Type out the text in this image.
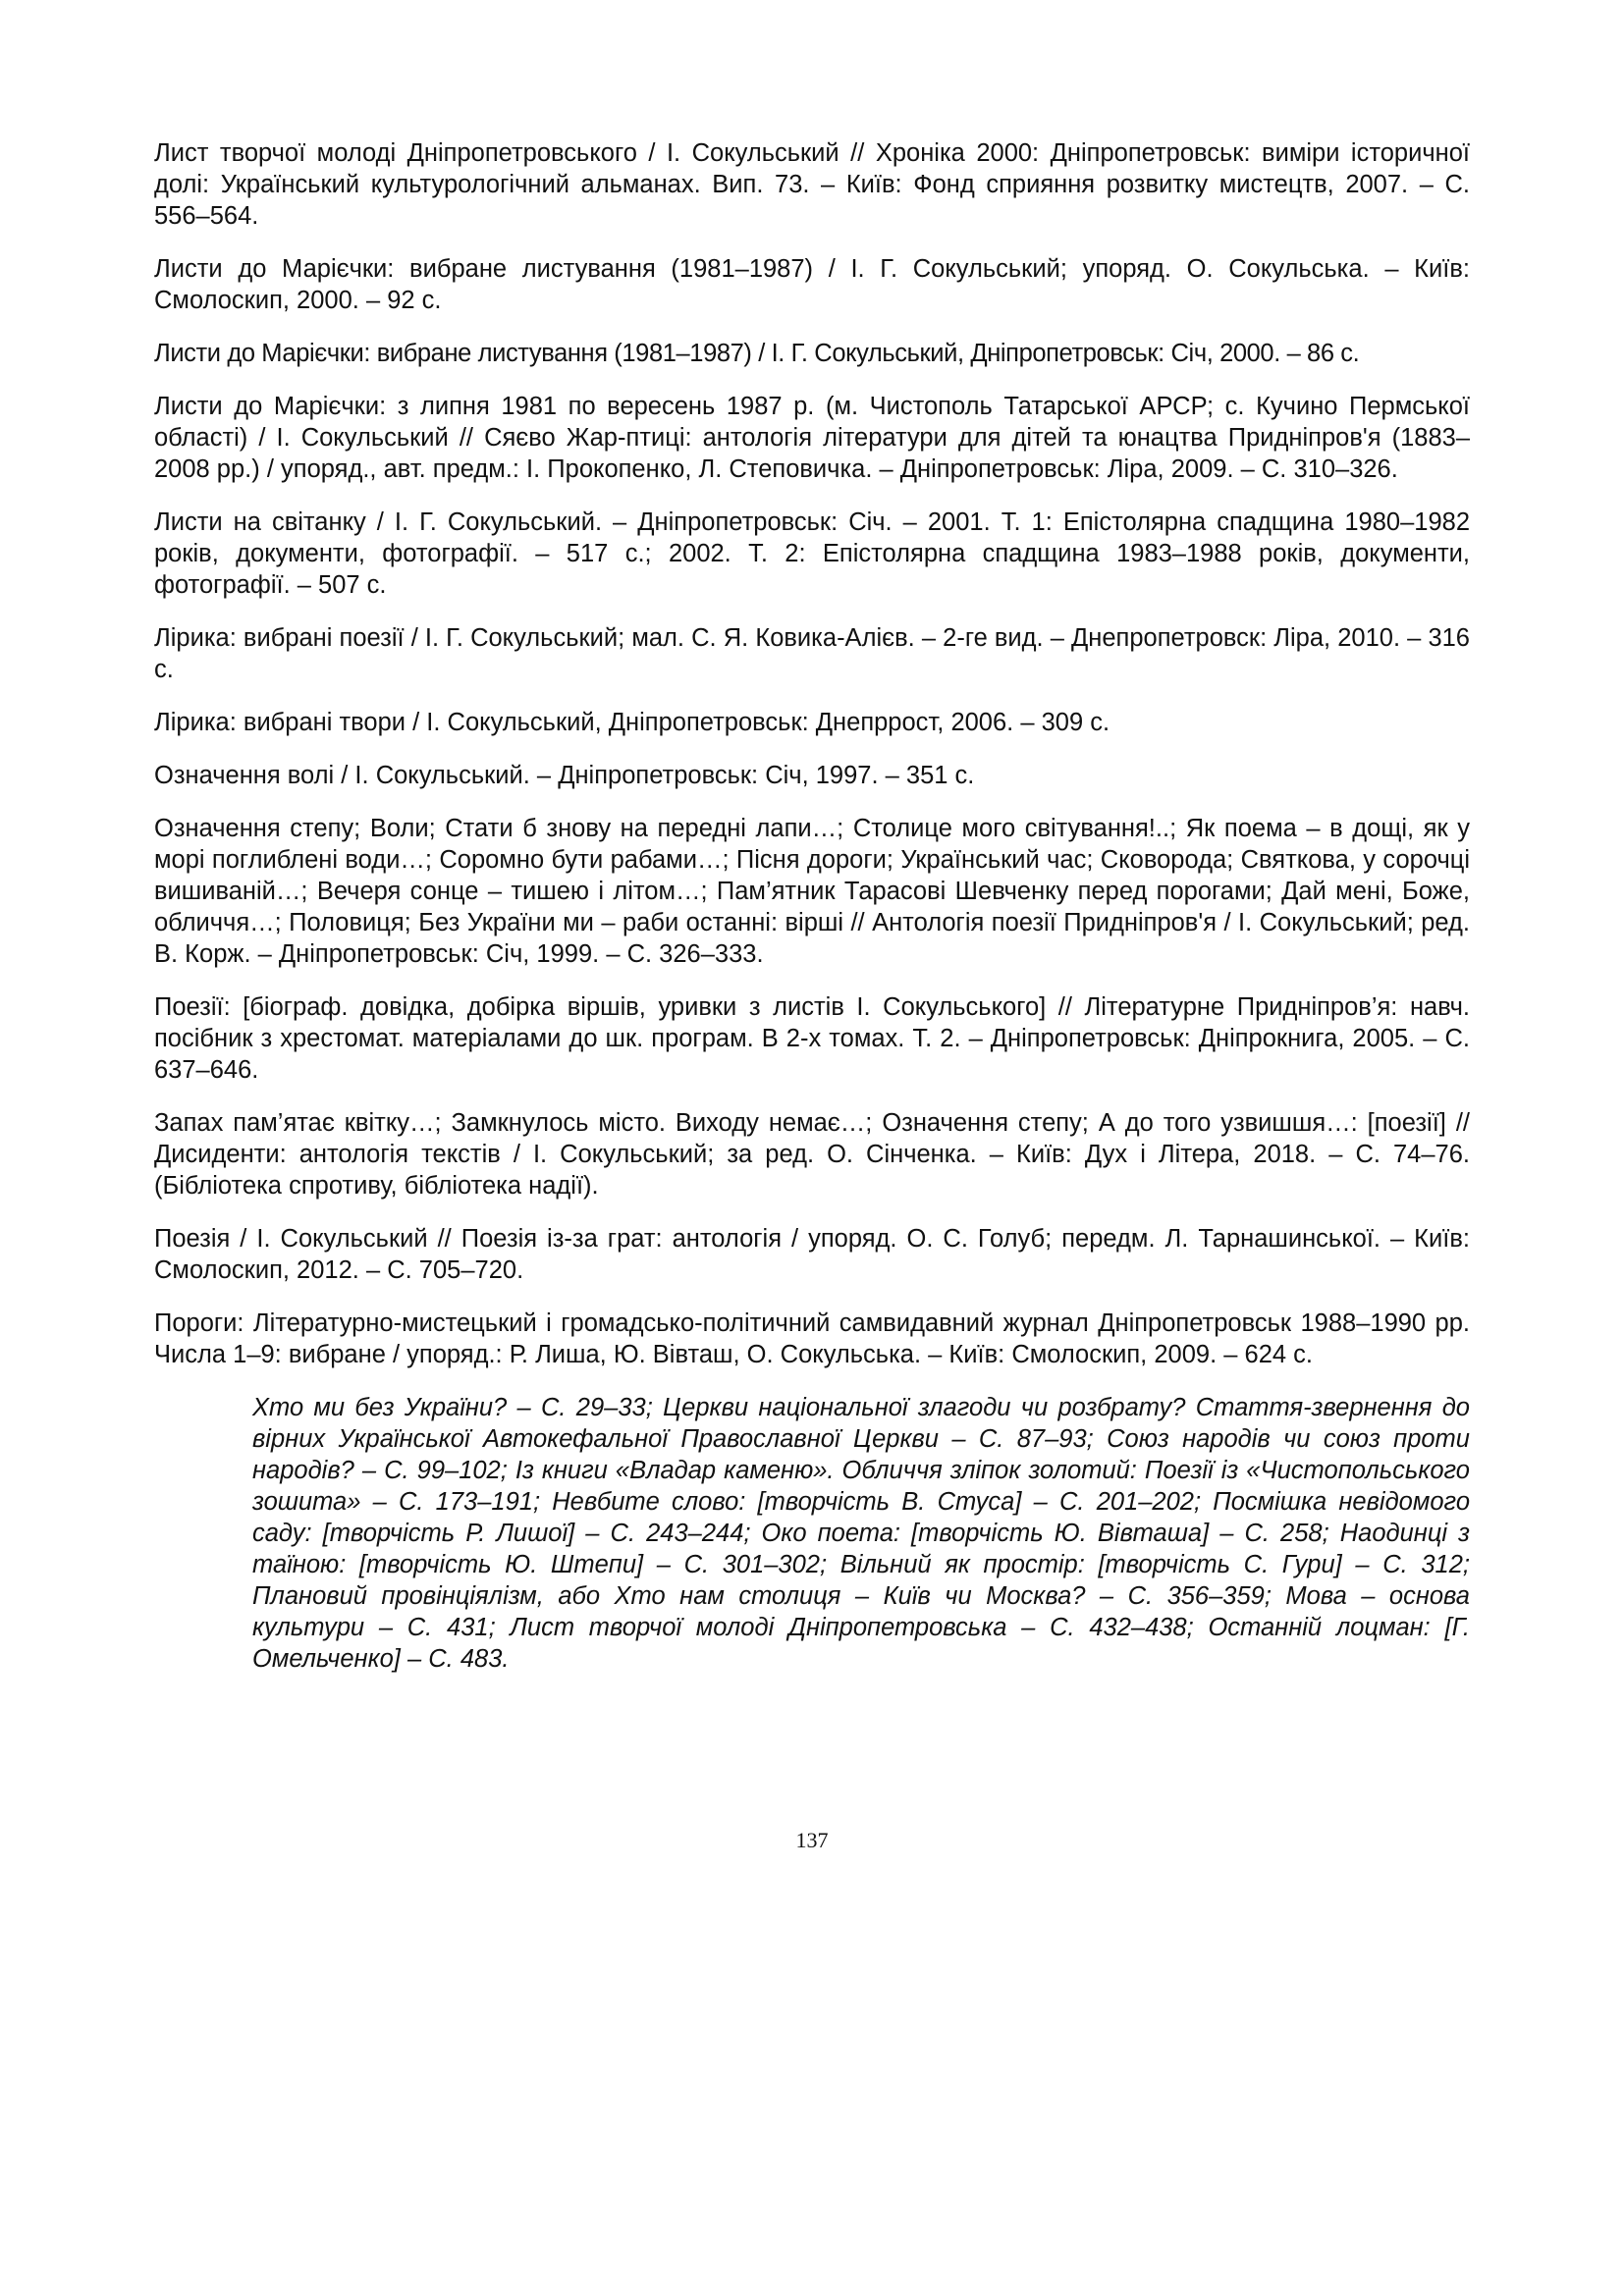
Лист творчої молоді Дніпропетровського / І. Сокульський // Хроніка 2000: Дніпропетровськ: виміри історичної долі: Український культурологічний альманах. Вип. 73. – Київ: Фонд сприяння розвитку мистецтв, 2007. – С. 556–564.

Листи до Марієчки: вибране листування (1981–1987) / І. Г. Сокульський; упоряд. О. Сокульська. – Київ: Смолоскип, 2000. – 92 с.

Листи до Марієчки: вибране листування (1981–1987) / І. Г. Сокульський, Дніпропетровськ: Січ, 2000. – 86 с.

Листи до Марієчки: з липня 1981 по вересень 1987 р. (м. Чистополь Татарської АРСР; с. Кучино Пермської області) / І. Сокульський // Сяєво Жар-птиці: антологія літератури для дітей та юнацтва Придніпров'я (1883–2008 рр.) / упоряд., авт. предм.: І. Прокопенко, Л. Степовичка. – Дніпропетровськ: Ліра, 2009. – С. 310–326.

Листи на світанку / І. Г. Сокульський. – Дніпропетровськ: Січ. – 2001. Т. 1: Епістолярна спадщина 1980–1982 років, документи, фотографії. – 517 с.; 2002. Т. 2: Епістолярна спадщина 1983–1988 років, документи, фотографії. – 507 с.

Лірика: вибрані поезії / І. Г. Сокульський; мал. С. Я. Ковика-Алієв. – 2-ге вид. – Днепропетровск: Ліра, 2010. – 316 с.

Лірика: вибрані твори / І. Сокульський, Дніпропетровськ: Днепррост, 2006. – 309 с.

Означення волі / І. Сокульський. – Дніпропетровськ: Січ, 1997. – 351 с.

Означення степу; Воли; Стати б знову на передні лапи…; Столице мого світування!..; Як поема – в дощі, як у морі поглиблені води…; Соромно бути рабами…; Пісня дороги; Український час; Сковорода; Святкова, у сорочці вишиваній…; Вечеря сонце – тишею і літом…; Пам’ятник Тарасові Шевченку перед порогами; Дай мені, Боже, обличчя…; Половиця; Без України ми – раби останні: вірші // Антологія поезії Придніпров'я / І. Сокульський; ред. В. Корж. – Дніпропетровськ: Січ, 1999. – С. 326–333.

Поезії: [біограф. довідка, добірка віршів, уривки з листів І. Сокульського] // Літературне Придніпров’я: навч. посібник з хрестомат. матеріалами до шк. програм. В 2-х томах. Т. 2. – Дніпропетровськ: Дніпрокнига, 2005. – С. 637–646.

Запах пам’ятає квітку…; Замкнулось місто. Виходу немає…; Означення степу; А до того узвишшя…: [поезії] // Дисиденти: антологія текстів / І. Сокульський; за ред. О. Сінченка. – Київ: Дух і Літера, 2018. – С. 74–76. (Бібліотека спротиву, бібліотека надії).

Поезія / І. Сокульський // Поезія із-за грат: антологія / упоряд. О. С. Голуб; передм. Л. Тарнашинської. – Київ: Смолоскип, 2012. – С. 705–720.

Пороги: Літературно-мистецький і громадсько-політичний самвидавний журнал Дніпропетровськ 1988–1990 рр. Числа 1–9: вибране / упоряд.: Р. Лиша, Ю. Вівташ, О. Сокульська. – Київ: Смолоскип, 2009. – 624 с.

Хто ми без України? – С. 29–33; Церкви національної злагоди чи розбрату? Стаття-звернення до вірних Української Автокефальної Православної Церкви – С. 87–93; Союз народів чи союз проти народів? – С. 99–102; Із книги «Владар каменю». Обличчя зліпок золотий: Поезії із «Чистопольського зошита» – С. 173–191; Невбите слово: [творчість В. Стуса] – С. 201–202; Посмішка невідомого саду: [творчість Р. Лишої] – С. 243–244; Око поета: [творчість Ю. Вівташа] – С. 258; Наодинці з таїною: [творчість Ю. Штепи] – С. 301–302; Вільний як простір: [творчість С. Гури] – С. 312; Плановий провінціялізм, або Хто нам столиця – Київ чи Москва? – С. 356–359; Мова – основа культури – С. 431; Лист творчої молоді Дніпропетровська – С. 432–438; Останній лоцман: [Г. Омельченко] – С. 483.

137
